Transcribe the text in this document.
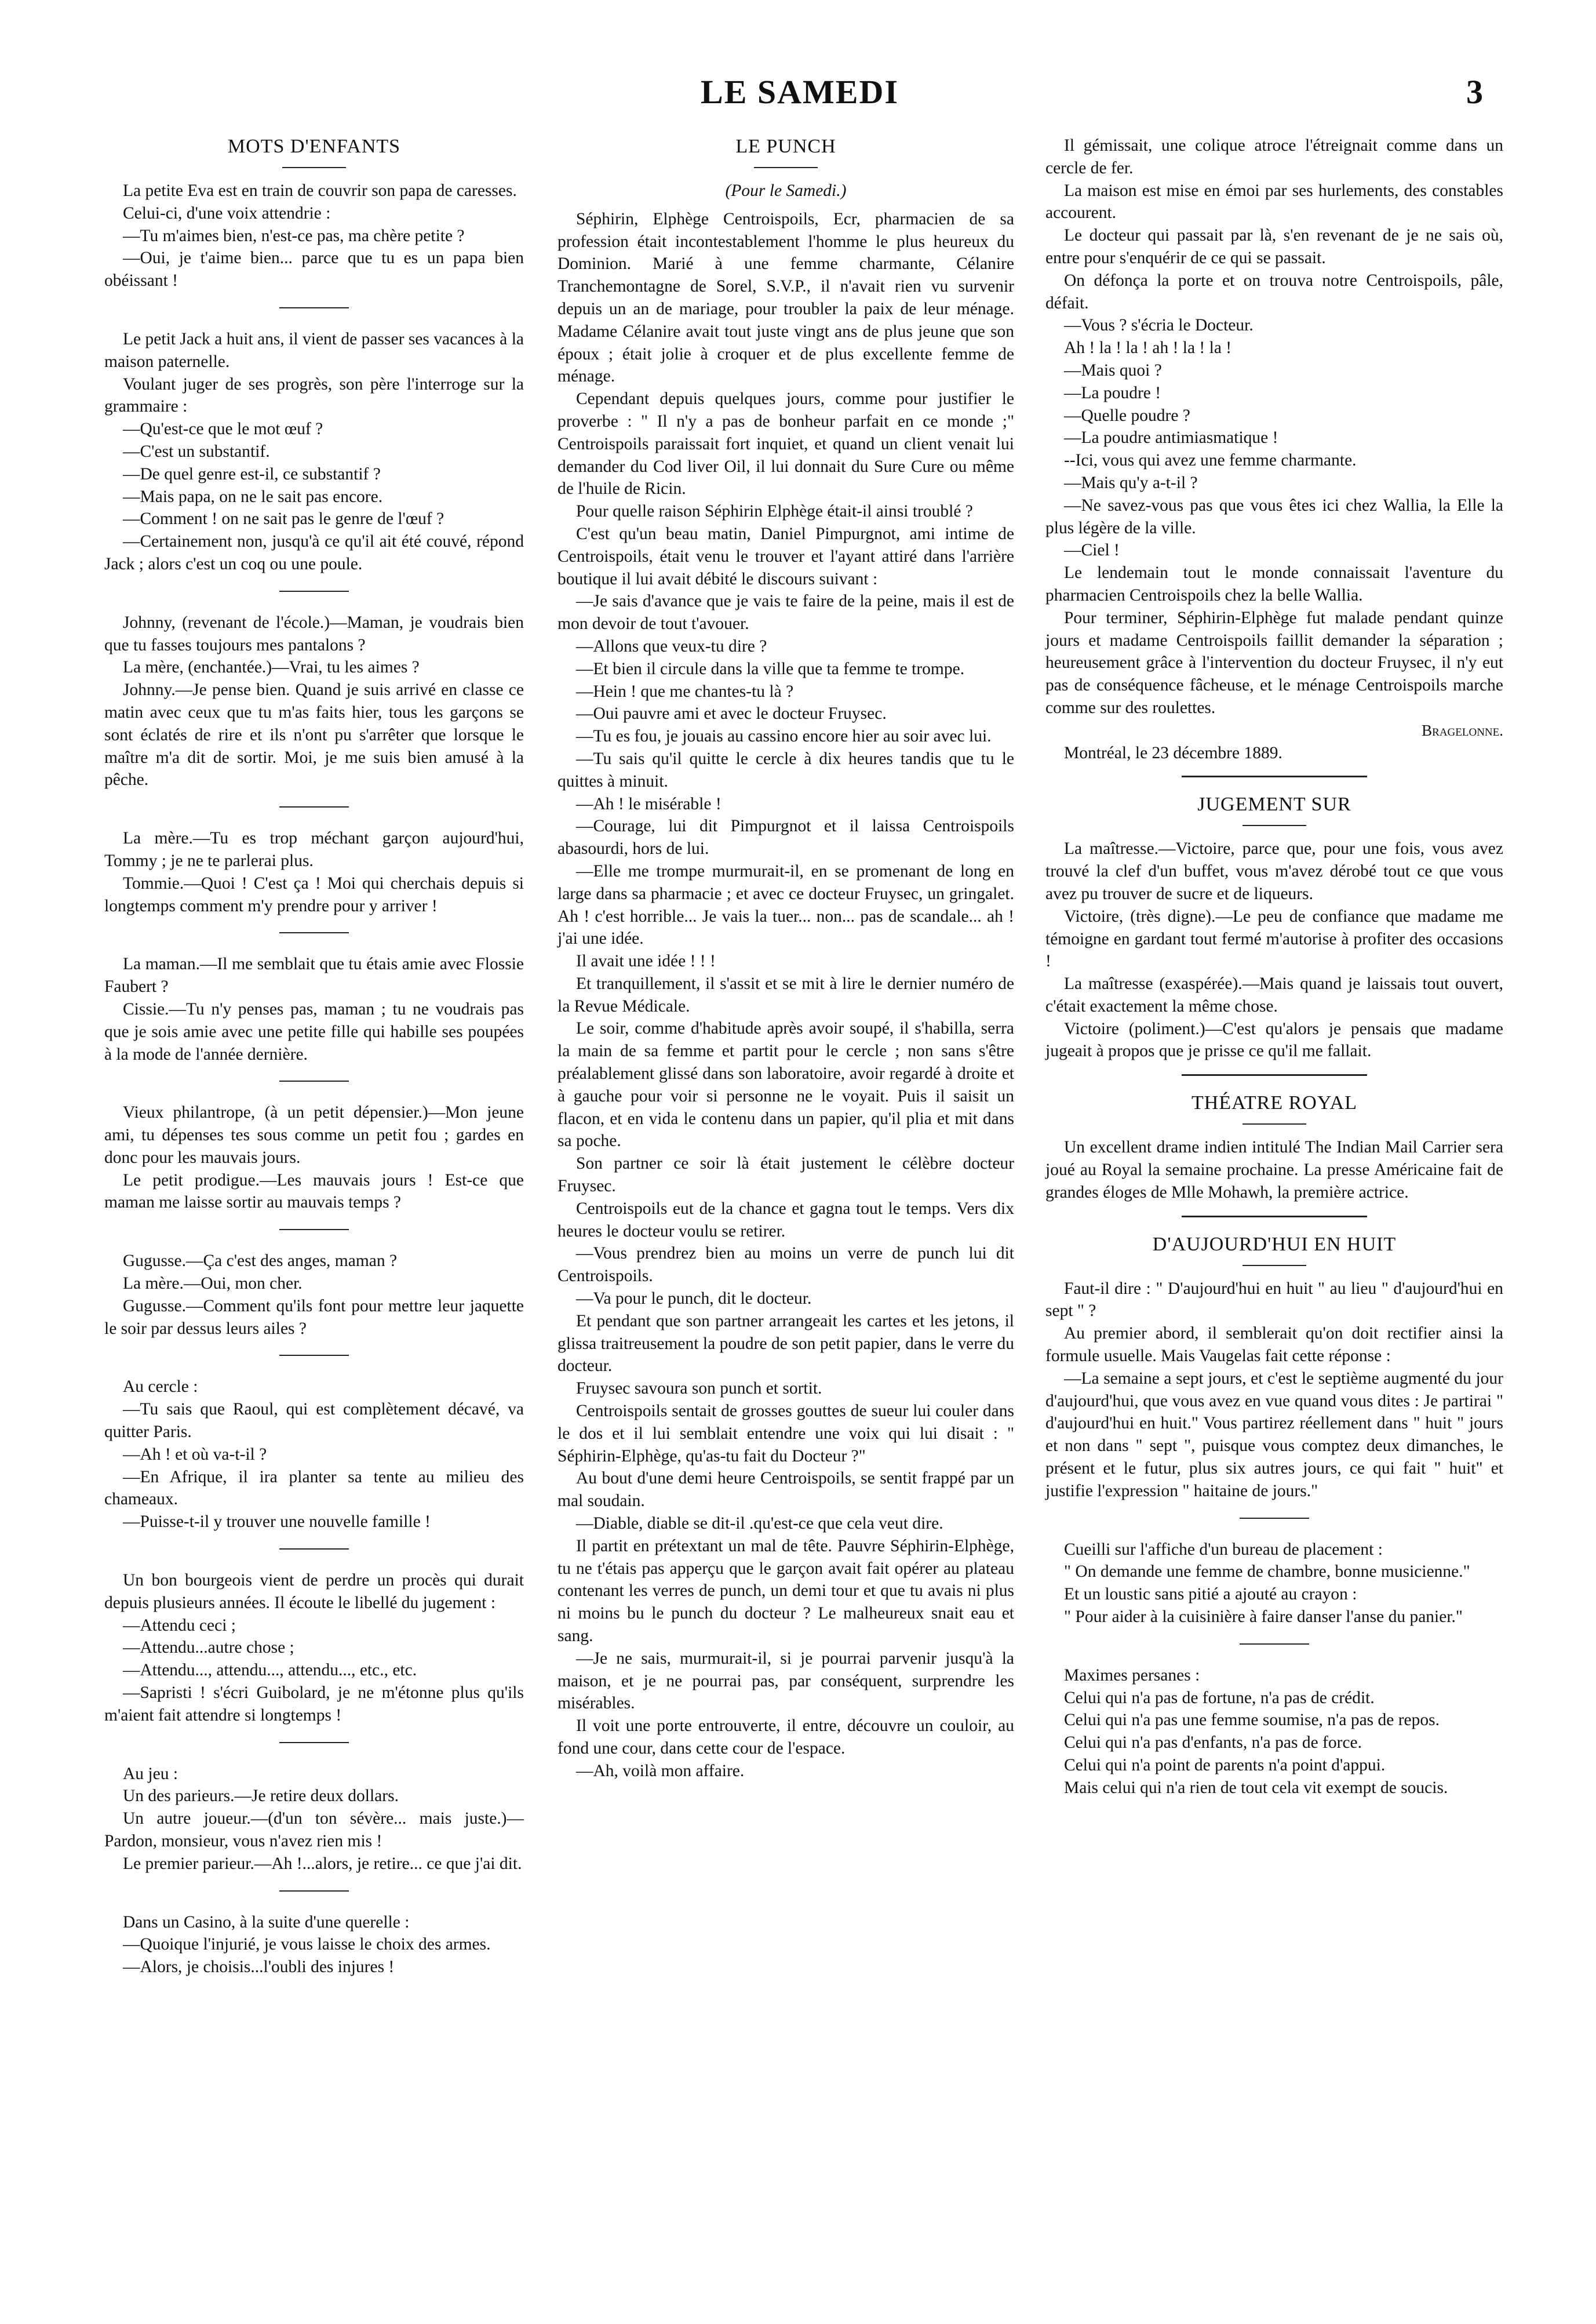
LE SAMEDI	3
MOTS D'ENFANTS

La petite Eva est en train de couvrir son papa de caresses.

Celui-ci, d'une voix attendrie :

—Tu m'aimes bien, n'est-ce pas, ma chère petite ?

—Oui, je t'aime bien... parce que tu es un papa bien obéissant !

Le petit Jack a huit ans, il vient de passer ses vacances à la maison paternelle.

Voulant juger de ses progrès, son père l'interroge sur la grammaire :

—Qu'est-ce que le mot œuf ?

—C'est un substantif.

—De quel genre est-il, ce substantif ?

—Mais papa, on ne le sait pas encore.

—Comment ! on ne sait pas le genre de l'œuf ?

—Certainement non, jusqu'à ce qu'il ait été couvé, répond Jack ; alors c'est un coq ou une poule.

Johnny, (revenant de l'école.)—Maman, je voudrais bien que tu fasses toujours mes pantalons ?

La mère, (enchantée.)—Vrai, tu les aimes ?

Johnny.—Je pense bien. Quand je suis arrivé en classe ce matin avec ceux que tu m'as faits hier, tous les garçons se sont éclatés de rire et ils n'ont pu s'arrêter que lorsque le maître m'a dit de sortir. Moi, je me suis bien amusé à la pêche.

La mère.—Tu es trop méchant garçon aujourd'hui, Tommy ; je ne te parlerai plus.

Tommie.—Quoi ! C'est ça ! Moi qui cherchais depuis si longtemps comment m'y prendre pour y arriver !

La maman.—Il me semblait que tu étais amie avec Flossie Faubert ?

Cissie.—Tu n'y penses pas, maman ; tu ne voudrais pas que je sois amie avec une petite fille qui habille ses poupées à la mode de l'année dernière.

Vieux philantrope, (à un petit dépensier.)—Mon jeune ami, tu dépenses tes sous comme un petit fou ; gardes en donc pour les mauvais jours.

Le petit prodigue.—Les mauvais jours ! Est-ce que maman me laisse sortir au mauvais temps ?

Gugusse.—Ça c'est des anges, maman ?

La mère.—Oui, mon cher.

Gugusse.—Comment qu'ils font pour mettre leur jaquette le soir par dessus leurs ailes ?

Au cercle :

—Tu sais que Raoul, qui est complètement décavé, va quitter Paris.

—Ah ! et où va-t-il ?

—En Afrique, il ira planter sa tente au milieu des chameaux.

—Puisse-t-il y trouver une nouvelle famille !

Un bon bourgeois vient de perdre un procès qui durait depuis plusieurs années. Il écoute le libellé du jugement :

—Attendu ceci ;

—Attendu...autre chose ;

—Attendu..., attendu..., attendu..., etc., etc.

—Sapristi ! s'écri Guibolard, je ne m'étonne plus qu'ils m'aient fait attendre si longtemps !

Au jeu :

Un des parieurs.—Je retire deux dollars.

Un autre joueur.—(d'un ton sévère... mais juste.)—Pardon, monsieur, vous n'avez rien mis !

Le premier parieur.—Ah !...alors, je retire... ce que j'ai dit.

Dans un Casino, à la suite d'une querelle :

—Quoique l'injurié, je vous laisse le choix des armes.

—Alors, je choisis...l'oubli des injures !

LE PUNCH

(Pour le Samedi.)

Séphirin, Elphège Centroispoils, Ecr, pharmacien de sa profession était incontestablement l'homme le plus heureux du Dominion. Marié à une femme charmante, Célanire Tranchemontagne de Sorel, S.V.P., il n'avait rien vu survenir depuis un an de mariage, pour troubler la paix de leur ménage. Madame Célanire avait tout juste vingt ans de plus jeune que son époux ; était jolie à croquer et de plus excellente femme de ménage.

Cependant depuis quelques jours, comme pour justifier le proverbe : " Il n'y a pas de bonheur parfait en ce monde ;" Centroispoils paraissait fort inquiet, et quand un client venait lui demander du Cod liver Oil, il lui donnait du Sure Cure ou même de l'huile de Ricin.

Pour quelle raison Séphirin Elphège était-il ainsi troublé ?

C'est qu'un beau matin, Daniel Pimpurgnot, ami intime de Centroispoils, était venu le trouver et l'ayant attiré dans l'arrière boutique il lui avait débité le discours suivant :

—Je sais d'avance que je vais te faire de la peine, mais il est de mon devoir de tout t'avouer.

—Allons que veux-tu dire ?

—Et bien il circule dans la ville que ta femme te trompe.

—Hein ! que me chantes-tu là ?

—Oui pauvre ami et avec le docteur Fruysec.

—Tu es fou, je jouais au cassino encore hier au soir avec lui.

—Tu sais qu'il quitte le cercle à dix heures tandis que tu le quittes à minuit.

—Ah ! le misérable !

—Courage, lui dit Pimpurgnot et il laissa Centroispoils abasourdi, hors de lui.

—Elle me trompe murmurait-il, en se promenant de long en large dans sa pharmacie ; et avec ce docteur Fruysec, un gringalet. Ah ! c'est horrible... Je vais la tuer... non... pas de scandale... ah ! j'ai une idée.

Il avait une idée ! ! !

Et tranquillement, il s'assit et se mit à lire le dernier numéro de la Revue Médicale.

Le soir, comme d'habitude après avoir soupé, il s'habilla, serra la main de sa femme et partit pour le cercle ; non sans s'être préalablement glissé dans son laboratoire, avoir regardé à droite et à gauche pour voir si personne ne le voyait. Puis il saisit un flacon, et en vida le contenu dans un papier, qu'il plia et mit dans sa poche.

Son partner ce soir là était justement le célèbre docteur Fruysec.

Centroispoils eut de la chance et gagna tout le temps. Vers dix heures le docteur voulu se retirer.

—Vous prendrez bien au moins un verre de punch lui dit Centroispoils.

—Va pour le punch, dit le docteur.

Et pendant que son partner arrangeait les cartes et les jetons, il glissa traitreusement la poudre de son petit papier, dans le verre du docteur.

Fruysec savoura son punch et sortit.

Centroispoils sentait de grosses gouttes de sueur lui couler dans le dos et il lui semblait entendre une voix qui lui disait : " Séphirin-Elphège, qu'as-tu fait du Docteur ?"

Au bout d'une demi heure Centroispoils, se sentit frappé par un mal soudain.

—Diable, diable se dit-il .qu'est-ce que cela veut dire.

Il partit en prétextant un mal de tête. Pauvre Séphirin-Elphège, tu ne t'étais pas apperçu que le garçon avait fait opérer au plateau contenant les verres de punch, un demi tour et que tu avais ni plus ni moins bu le punch du docteur ? Le malheureux snait eau et sang.

—Je ne sais, murmurait-il, si je pourrai parvenir jusqu'à la maison, et je ne pourrai pas, par conséquent, surprendre les misérables.

Il voit une porte entrouverte, il entre, découvre un couloir, au fond une cour, dans cette cour de l'espace.

—Ah, voilà mon affaire.

Il gémissait, une colique atroce l'étreignait comme dans un cercle de fer.

La maison est mise en émoi par ses hurlements, des constables accourent.

Le docteur qui passait par là, s'en revenant de je ne sais où, entre pour s'enquérir de ce qui se passait.

On défonça la porte et on trouva notre Centroispoils, pâle, défait.

—Vous ? s'écria le Docteur.

Ah ! la ! la ! ah ! la ! la !

—Mais quoi ?

—La poudre !

—Quelle poudre ?

—La poudre antimiasmatique !

--Ici, vous qui avez une femme charmante.

—Mais qu'y a-t-il ?

—Ne savez-vous pas que vous êtes ici chez Wallia, la Elle la plus légère de la ville.

—Ciel !

Le lendemain tout le monde connaissait l'aventure du pharmacien Centroispoils chez la belle Wallia.

Pour terminer, Séphirin-Elphège fut malade pendant quinze jours et madame Centroispoils faillit demander la séparation ; heureusement grâce à l'intervention du docteur Fruysec, il n'y eut pas de conséquence fâcheuse, et le ménage Centroispoils marche comme sur des roulettes.

Bragelonne.

Montréal, le 23 décembre 1889.

JUGEMENT SUR

La maîtresse.—Victoire, parce que, pour une fois, vous avez trouvé la clef d'un buffet, vous m'avez dérobé tout ce que vous avez pu trouver de sucre et de liqueurs.

Victoire, (très digne).—Le peu de confiance que madame me témoigne en gardant tout fermé m'autorise à profiter des occasions !

La maîtresse (exaspérée).—Mais quand je laissais tout ouvert, c'était exactement la même chose.

Victoire (poliment.)—C'est qu'alors je pensais que madame jugeait à propos que je prisse ce qu'il me fallait.

THÉATRE ROYAL

Un excellent drame indien intitulé The Indian Mail Carrier sera joué au Royal la semaine prochaine. La presse Américaine fait de grandes éloges de Mlle Mohawh, la première actrice.

D'AUJOURD'HUI EN HUIT

Faut-il dire : " D'aujourd'hui en huit " au lieu " d'aujourd'hui en sept " ?

Au premier abord, il semblerait qu'on doit rectifier ainsi la formule usuelle. Mais Vaugelas fait cette réponse :

—La semaine a sept jours, et c'est le septième augmenté du jour d'aujourd'hui, que vous avez en vue quand vous dites : Je partirai " d'aujourd'hui en huit." Vous partirez réellement dans " huit " jours et non dans " sept ", puisque vous comptez deux dimanches, le présent et le futur, plus six autres jours, ce qui fait " huit" et justifie l'expression " haitaine de jours."

Cueilli sur l'affiche d'un bureau de placement :

" On demande une femme de chambre, bonne musicienne."

Et un loustic sans pitié a ajouté au crayon :

" Pour aider à la cuisinière à faire danser l'anse du panier."

Maximes persanes :

Celui qui n'a pas de fortune, n'a pas de crédit.

Celui qui n'a pas une femme soumise, n'a pas de repos.

Celui qui n'a pas d'enfants, n'a pas de force.

Celui qui n'a point de parents n'a point d'appui.

Mais celui qui n'a rien de tout cela vit exempt de soucis.
